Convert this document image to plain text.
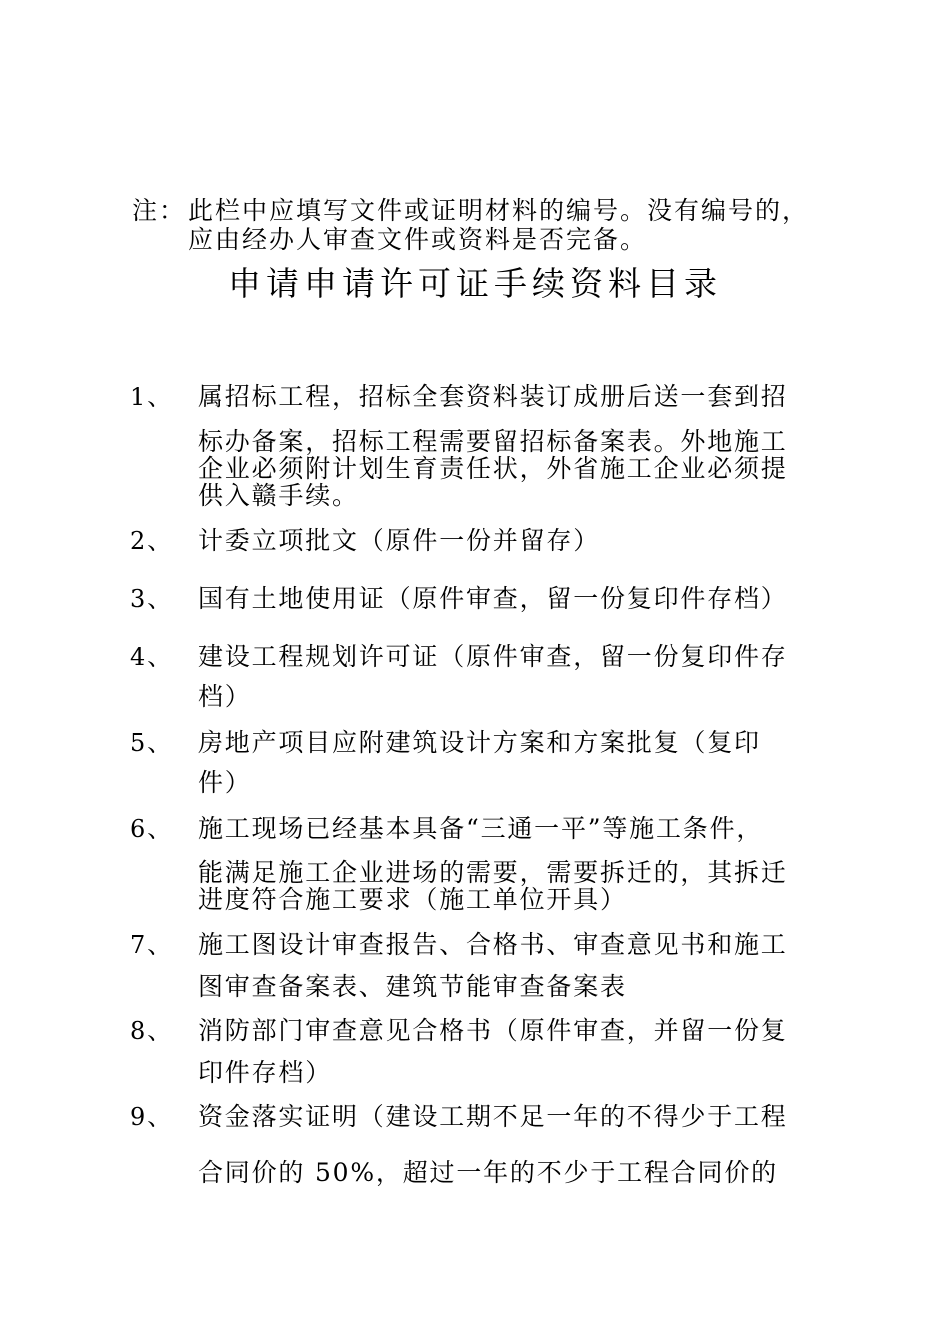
注： 此栏中应填写文件或证明材料的编号。没有编号的，
应由经办人审查文件或资料是否完备。
申请申请许可证手续资料目录
1、 属招标工程，招标全套资料装订成册后送一套到招
标办备案，招标工程需要留招标备案表。外地施工
企业必须附计划生育责任状，外省施工企业必须提
供入赣手续。
2、 计委立项批文（原件一份并留存）
3、 国有土地使用证（原件审查，留一份复印件存档）
4、 建设工程规划许可证（原件审查，留一份复印件存
档）
5、 房地产项目应附建筑设计方案和方案批复（复印
件）
6、 施工现场已经基本具备“三通一平”等施工条件，
能满足施工企业进场的需要，需要拆迁的，其拆迁
进度符合施工要求（施工单位开具）
7、 施工图设计审查报告、合格书、审查意见书和施工
图审查备案表、建筑节能审查备案表
8、 消防部门审查意见合格书（原件审查，并留一份复
印件存档）
9、 资金落实证明（建设工期不足一年的不得少于工程
合同价的 50%，超过一年的不少于工程合同价的
